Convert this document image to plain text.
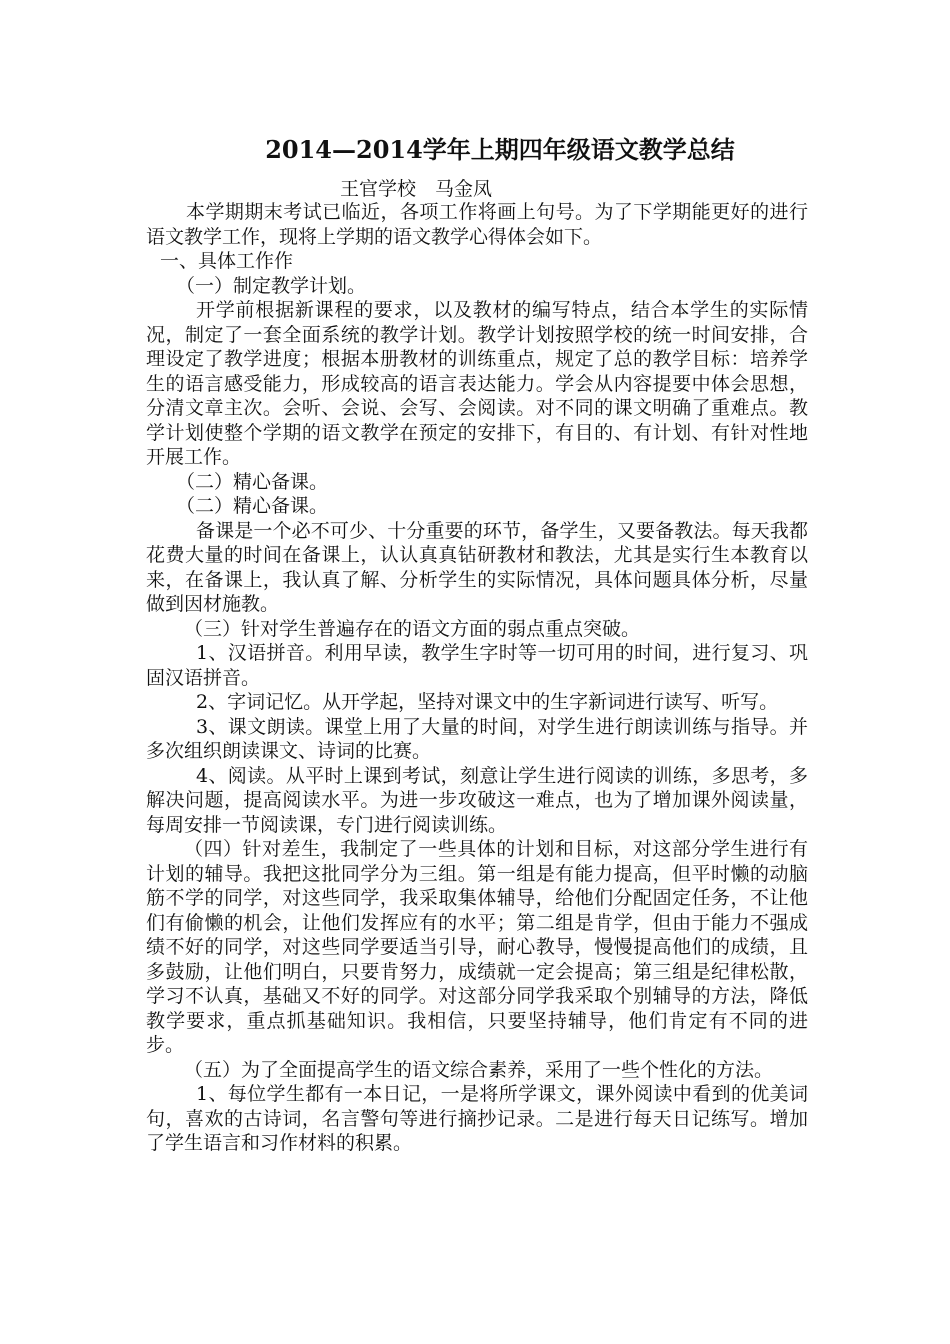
2014—2014学年上期四年级语文教学总结
王官学校　马金凤

本学期期末考试已临近，各项工作将画上句号。为了下学期能更好的进行语文教学工作，现将上学期的语文教学心得体会如下。

一、具体工作作

（一）制定教学计划。

开学前根据新课程的要求，以及教材的编写特点，结合本学生的实际情况，制定了一套全面系统的教学计划。教学计划按照学校的统一时间安排，合理设定了教学进度；根据本册教材的训练重点，规定了总的教学目标：培养学生的语言感受能力，形成较高的语言表达能力。学会从内容提要中体会思想，分清文章主次。会听、会说、会写、会阅读。对不同的课文明确了重难点。教学计划使整个学期的语文教学在预定的安排下，有目的、有计划、有针对性地开展工作。

（二）精心备课。

（二）精心备课。

备课是一个必不可少、十分重要的环节，备学生，又要备教法。每天我都花费大量的时间在备课上，认认真真钻研教材和教法，尤其是实行生本教育以来，在备课上，我认真了解、分析学生的实际情况，具体问题具体分析，尽量做到因材施教。

（三）针对学生普遍存在的语文方面的弱点重点突破。

1、汉语拼音。利用早读，教学生字时等一切可用的时间，进行复习、巩固汉语拼音。

2、字词记忆。从开学起，坚持对课文中的生字新词进行读写、听写。

3、课文朗读。课堂上用了大量的时间，对学生进行朗读训练与指导。并多次组织朗读课文、诗词的比赛。

4、阅读。从平时上课到考试，刻意让学生进行阅读的训练，多思考，多解决问题，提高阅读水平。为进一步攻破这一难点，也为了增加课外阅读量，每周安排一节阅读课，专门进行阅读训练。

（四）针对差生，我制定了一些具体的计划和目标，对这部分学生进行有计划的辅导。我把这批同学分为三组。第一组是有能力提高，但平时懒的动脑筋不学的同学，对这些同学，我采取集体辅导，给他们分配固定任务，不让他们有偷懒的机会，让他们发挥应有的水平；第二组是肯学，但由于能力不强成绩不好的同学，对这些同学要适当引导，耐心教导，慢慢提高他们的成绩，且多鼓励，让他们明白，只要肯努力，成绩就一定会提高；第三组是纪律松散，学习不认真，基础又不好的同学。对这部分同学我采取个别辅导的方法，降低教学要求，重点抓基础知识。我相信，只要坚持辅导，他们肯定有不同的进步。

（五）为了全面提高学生的语文综合素养，采用了一些个性化的方法。

1、每位学生都有一本日记，一是将所学课文，课外阅读中看到的优美词句，喜欢的古诗词，名言警句等进行摘抄记录。二是进行每天日记练写。增加了学生语言和习作材料的积累。
